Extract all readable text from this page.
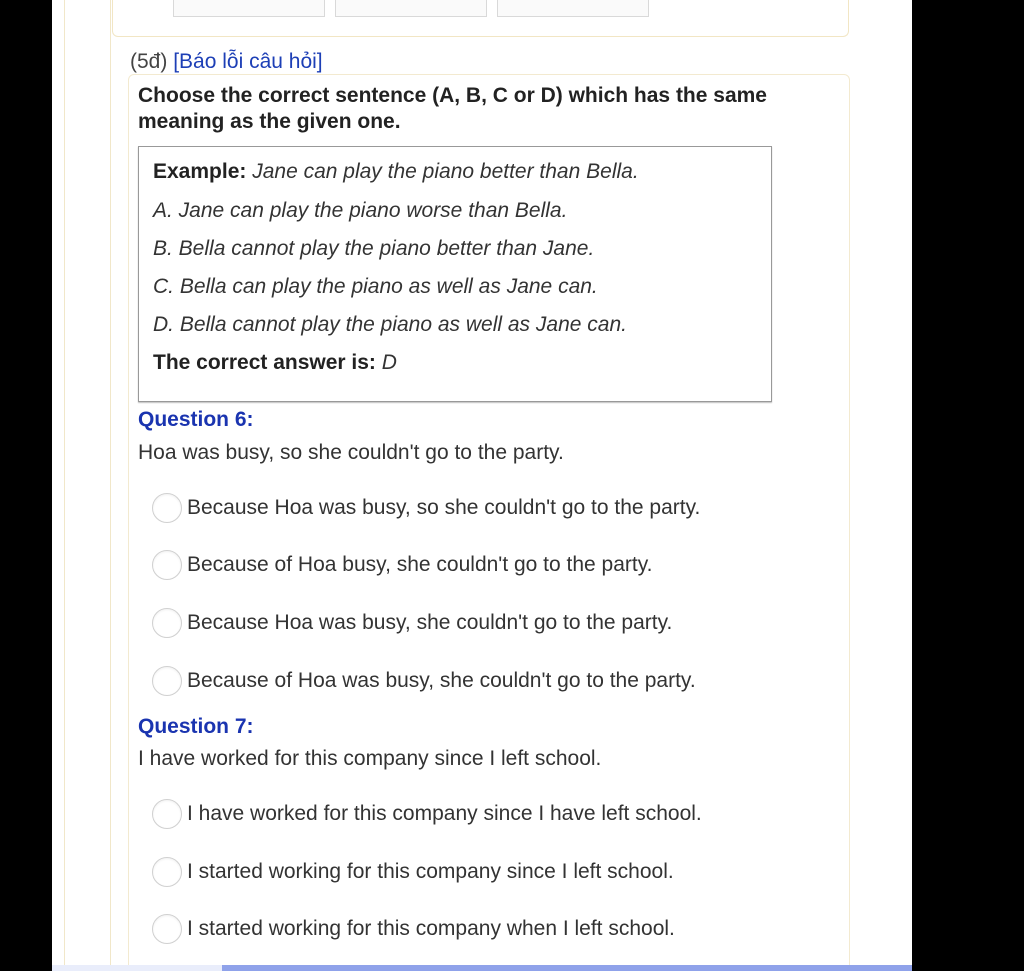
(5đ) [Báo lỗi câu hỏi]
Choose the correct sentence (A, B, C or D) which has the same meaning as the given one.
Example: Jane can play the piano better than Bella.
A. Jane can play the piano worse than Bella.
B. Bella cannot play the piano better than Jane.
C. Bella can play the piano as well as Jane can.
D. Bella cannot play the piano as well as Jane can.
The correct answer is: D
Question 6:
Hoa was busy, so she couldn't go to the party.
Because Hoa was busy, so she couldn't go to the party.
Because of Hoa busy, she couldn't go to the party.
Because Hoa was busy, she couldn't go to the party.
Because of Hoa was busy, she couldn't go to the party.
Question 7:
I have worked for this company since I left school.
I have worked for this company since I have left school.
I started working for this company since I left school.
I started working for this company when I left school.
